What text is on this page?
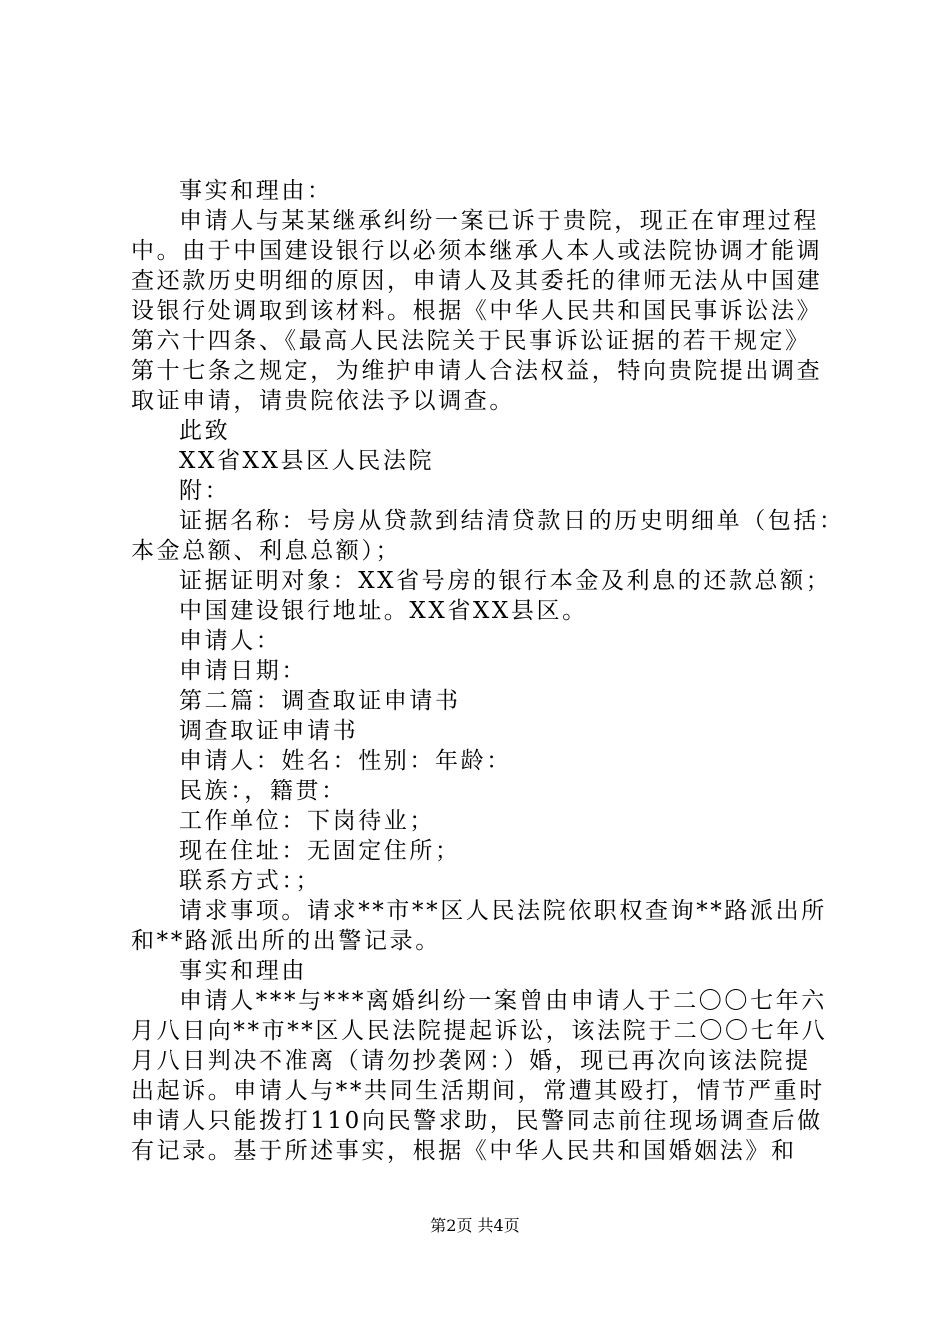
事实和理由：
申请人与某某继承纠纷一案已诉于贵院，现正在审理过程
中。由于中国建设银行以必须本继承人本人或法院协调才能调
查还款历史明细的原因，申请人及其委托的律师无法从中国建
设银行处调取到该材料。根据《中华人民共和国民事诉讼法》
第六十四条、《最高人民法院关于民事诉讼证据的若干规定》
第十七条之规定，为维护申请人合法权益，特向贵院提出调查
取证申请，请贵院依法予以调查。
此致
XX省XX县区人民法院
附：
证据名称：号房从贷款到结清贷款日的历史明细单（包括：
本金总额、利息总额）；
证据证明对象：XX省号房的银行本金及利息的还款总额；
中国建设银行地址。XX省XX县区。
申请人：
申请日期：
第二篇：调查取证申请书
调查取证申请书
申请人：姓名：性别：年龄：
民族：，籍贯：
工作单位：下岗待业；
现在住址：无固定住所；
联系方式：；
请求事项。请求**市**区人民法院依职权查询**路派出所
和**路派出所的出警记录。
事实和理由
申请人***与***离婚纠纷一案曾由申请人于二〇〇七年六
月八日向**市**区人民法院提起诉讼，该法院于二〇〇七年八
月八日判决不准离（请勿抄袭网：）婚，现已再次向该法院提
出起诉。申请人与**共同生活期间，常遭其殴打，情节严重时
申请人只能拨打110向民警求助，民警同志前往现场调查后做
有记录。基于所述事实，根据《中华人民共和国婚姻法》和
第2页 共4页
